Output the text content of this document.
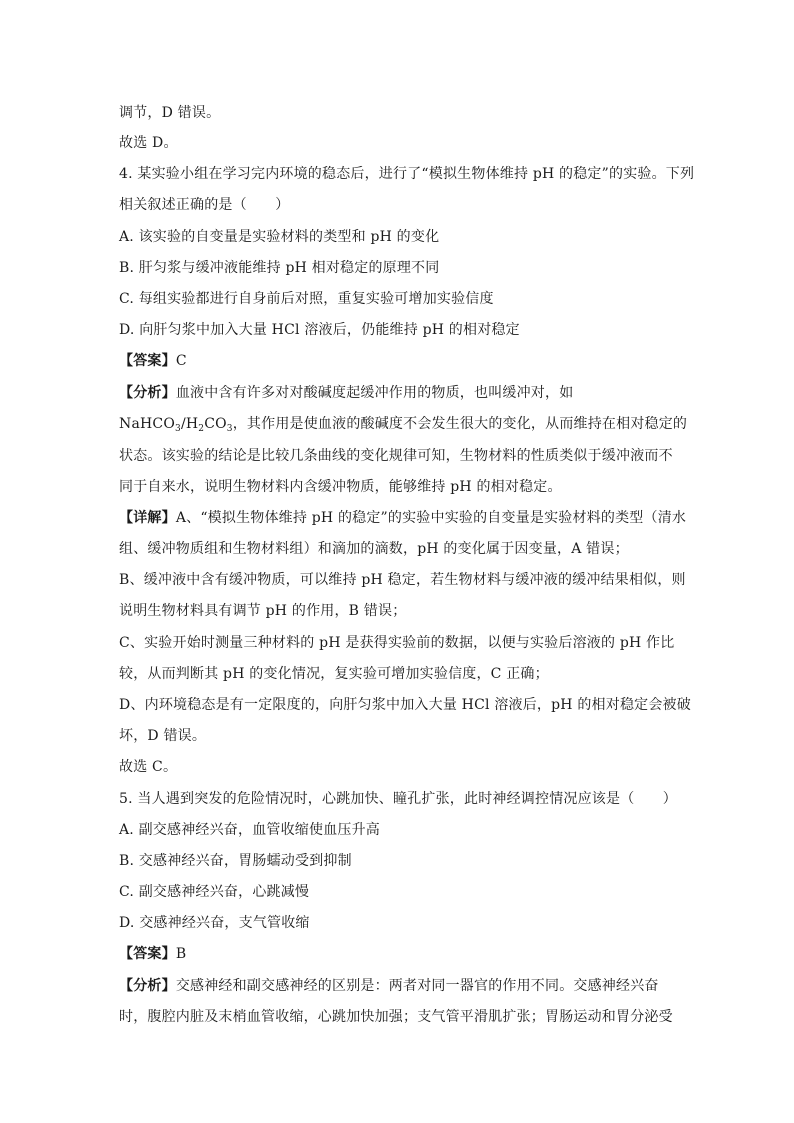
调节，D 错误。
故选 D。
4. 某实验小组在学习完内环境的稳态后，进行了“模拟生物体维持 pH 的稳定”的实验。下列
相关叙述正确的是（　　）
A. 该实验的自变量是实验材料的类型和 pH 的变化
B. 肝匀浆与缓冲液能维持 pH 相对稳定的原理不同
C. 每组实验都进行自身前后对照，重复实验可增加实验信度
D. 向肝匀浆中加入大量 HCl 溶液后，仍能维持 pH 的相对稳定
【答案】C
【分析】血液中含有许多对对酸碱度起缓冲作用的物质，也叫缓冲对，如
$NaHCO_3/H_2CO_3$，其作用是使血液的酸碱度不会发生很大的变化，从而维持在相对稳定的
状态。该实验的结论是比较几条曲线的变化规律可知，生物材料的性质类似于缓冲液而不
同于自来水，说明生物材料内含缓冲物质，能够维持 pH 的相对稳定。
【详解】A、“模拟生物体维持 pH 的稳定”的实验中实验的自变量是实验材料的类型（清水
组、缓冲物质组和生物材料组）和滴加的滴数，pH 的变化属于因变量，A 错误；
B、缓冲液中含有缓冲物质，可以维持 pH 稳定，若生物材料与缓冲液的缓冲结果相似，则
说明生物材料具有调节 pH 的作用，B 错误；
C、实验开始时测量三种材料的 pH 是获得实验前的数据，以便与实验后溶液的 pH 作比
较，从而判断其 pH 的变化情况，复实验可增加实验信度，C 正确；
D、内环境稳态是有一定限度的，向肝匀浆中加入大量 HCl 溶液后，pH 的相对稳定会被破
坏，D 错误。
故选 C。
5. 当人遇到突发的危险情况时，心跳加快、瞳孔扩张，此时神经调控情况应该是（　　）
A. 副交感神经兴奋，血管收缩使血压升高
B. 交感神经兴奋，胃肠蠕动受到抑制
C. 副交感神经兴奋，心跳减慢
D. 交感神经兴奋，支气管收缩
【答案】B
【分析】交感神经和副交感神经的区别是：两者对同一器官的作用不同。交感神经兴奋
时，腹腔内脏及末梢血管收缩，心跳加快加强；支气管平滑肌扩张；胃肠运动和胃分泌受
